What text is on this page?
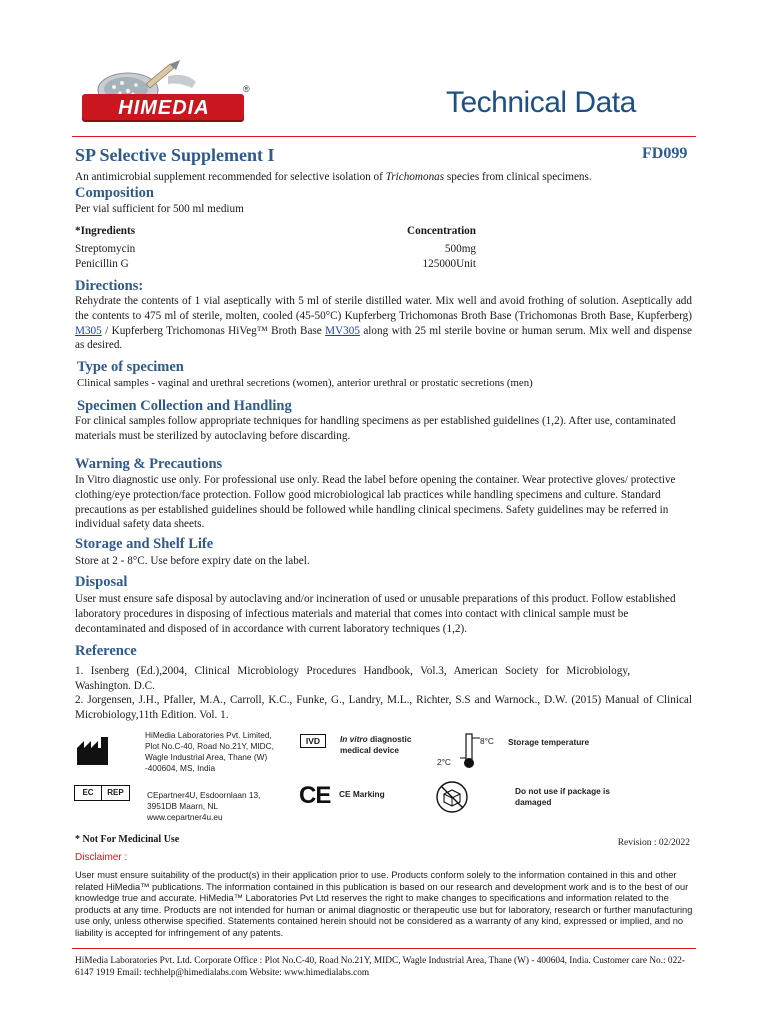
HIMEDIA
®	Technical Data
SP Selective Supplement I	FD099
An antimicrobial supplement recommended for selective isolation of Trichomonas species from clinical specimens.
Composition
Per vial sufficient for 500 ml medium
*Ingredients	Concentration
Streptomycin	500mg
Penicillin G	125000Unit
Directions:
Rehydrate the contents of 1 vial aseptically with 5 ml of sterile distilled water. Mix well and avoid frothing of solution. Aseptically add the contents to 475 ml of sterile, molten, cooled (45-50°C) Kupferberg Trichomonas Broth Base (Trichomonas Broth Base, Kupferberg) M305 / Kupferberg Trichomonas HiVeg™ Broth Base MV305 along with 25 ml sterile bovine or human serum. Mix well and dispense as desired.
Type of specimen
Clinical samples - vaginal and urethral secretions (women), anterior urethral or prostatic secretions (men)
Specimen Collection and Handling
For clinical samples follow appropriate techniques for handling specimens as per established guidelines (1,2). After use, contaminated materials must be sterilized by autoclaving before discarding.
Warning & Precautions
In Vitro diagnostic use only. For professional use only. Read the label before opening the container. Wear protective gloves/ protective clothing/eye protection/face protection. Follow good microbiological lab practices while handling specimens and culture. Standard precautions as per established guidelines should be followed while handling clinical specimens. Safety guidelines may be referred in individual safety data sheets.
Storage and Shelf Life
Store at 2 - 8°C. Use before expiry date on the label.
Disposal
User must ensure safe disposal by autoclaving and/or incineration of used or unusable preparations of this product. Follow established laboratory procedures in disposing of infectious materials and material that comes into contact with clinical sample must be decontaminated and disposed of in accordance with current laboratory techniques (1,2).
Reference
1. Isenberg (Ed.),2004, Clinical Microbiology Procedures Handbook, Vol.3, American Society for Microbiology, Washington. D.C.
2. Jorgensen, J.H., Pfaller, M.A., Carroll, K.C., Funke, G., Landry, M.L., Richter, S.S and Warnock., D.W. (2015) Manual of Clinical Microbiology,11th Edition. Vol. 1.
HiMedia Laboratories Pvt. Limited, Plot No.C-40, Road No.21Y, MIDC, Wagle Industrial Area, Thane (W) -400604, MS, India
IVD	In vitro diagnostic medical device
8°C
2°C
Storage temperature
EC	REP	CEpartner4U, Esdoornlaan 13, 3951DB Maarn, NL www.cepartner4u.eu
CE CE Marking	Do not use if package is damaged
* Not For Medicinal Use	Revision : 02/2022
Disclaimer :
User must ensure suitability of the product(s) in their application prior to use. Products conform solely to the information contained in this and other related HiMedia™ publications. The information contained in this publication is based on our research and development work and is to the best of our knowledge true and accurate. HiMedia™ Laboratories Pvt Ltd reserves the right to make changes to specifications and information related to the products at any time. Products are not intended for human or animal diagnostic or therapeutic use but for laboratory, research or further manufacturing use only, unless otherwise specified. Statements contained herein should not be considered as a warranty of any kind, expressed or implied, and no liability is accepted for infringement of any patents.
HiMedia Laboratories Pvt. Ltd. Corporate Office : Plot No.C-40, Road No.21Y, MIDC, Wagle Industrial Area, Thane (W) - 400604, India. Customer care No.: 022-6147 1919 Email: techhelp@himedialabs.com Website: www.himedialabs.com
